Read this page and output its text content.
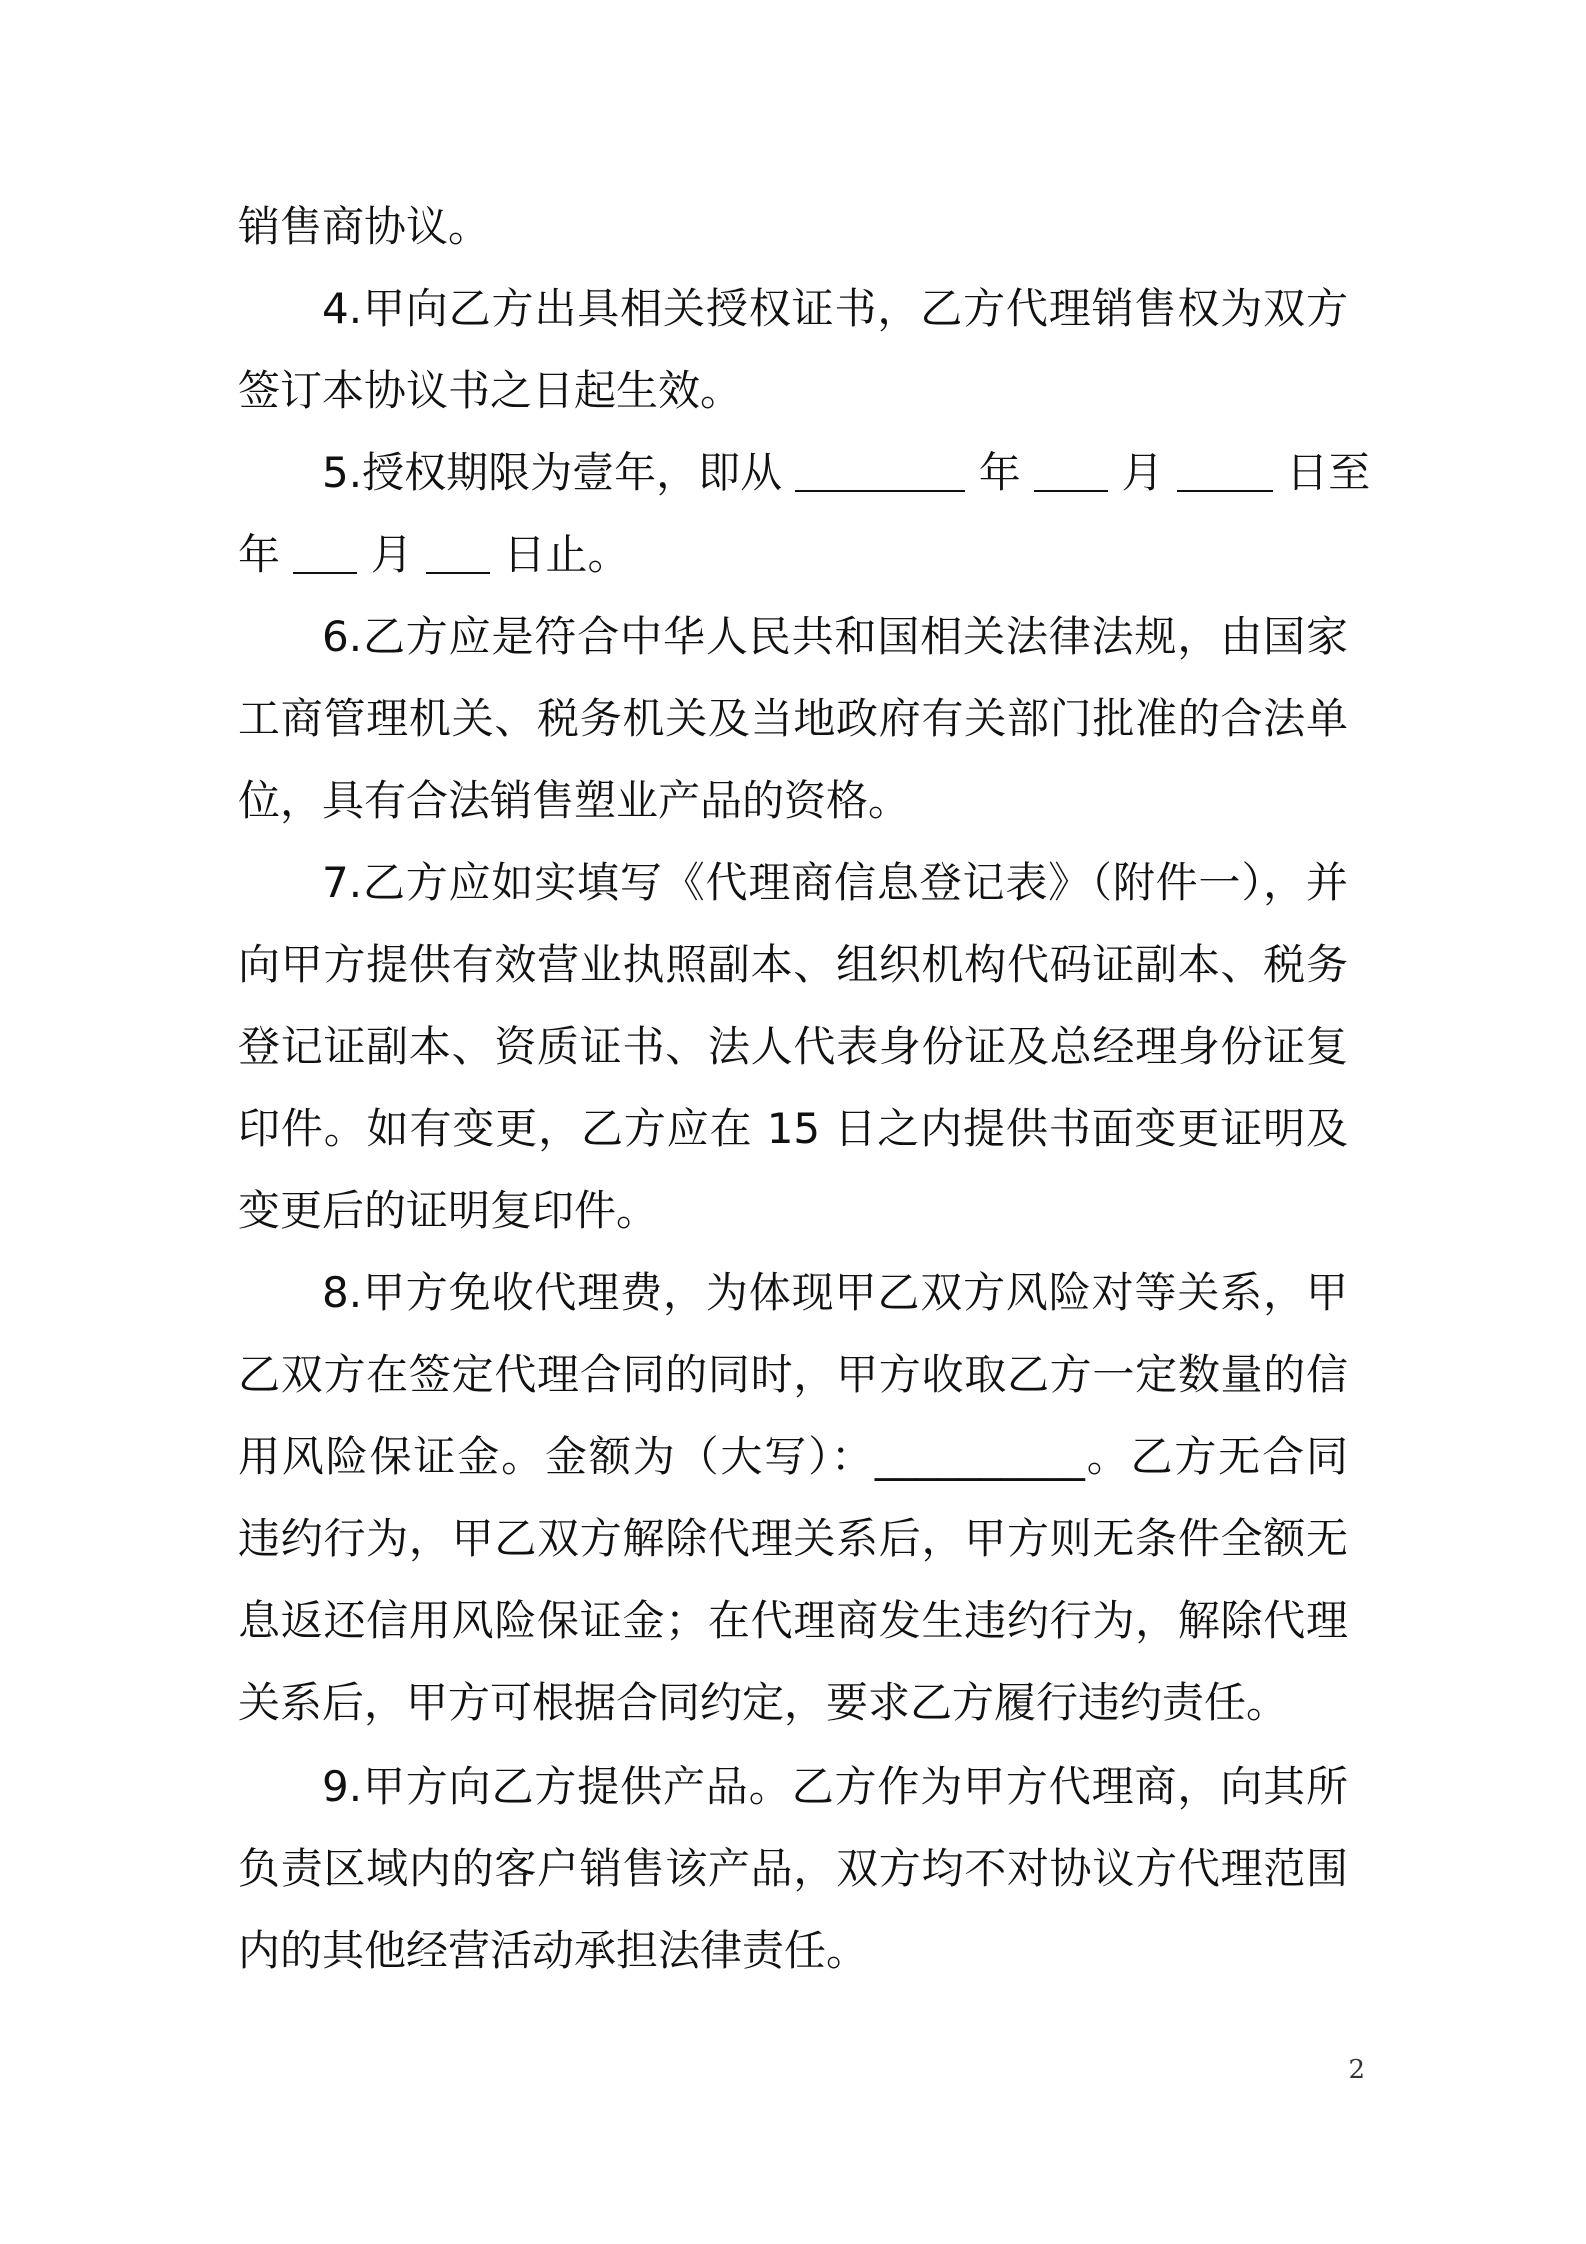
销售商协议。
4.甲向乙方出具相关授权证书，乙方代理销售权为双方
签订本协议书之日起生效。
5.授权期限为壹年，即从	年 月	日至
年 月 日止。
6.乙方应是符合中华人民共和国相关法律法规，由国家
工商管理机关、税务机关及当地政府有关部门批准的合法单
位，具有合法销售塑业产品的资格。
7.乙方应如实填写《代理商信息登记表》（附件一），并
向甲方提供有效营业执照副本、组织机构代码证副本、税务
登记证副本、资质证书、法人代表身份证及总经理身份证复
印件。如有变更，乙方应在 15 日之内提供书面变更证明及
变更后的证明复印件。
8.甲方免收代理费，为体现甲乙双方风险对等关系，甲
乙双方在签定代理合同的同时，甲方收取乙方一定数量的信
用风险保证金。金额为（大写）：__________。乙方无合同
违约行为，甲乙双方解除代理关系后，甲方则无条件全额无
息返还信用风险保证金；在代理商发生违约行为，解除代理
关系后，甲方可根据合同约定，要求乙方履行违约责任。
9.甲方向乙方提供产品。乙方作为甲方代理商，向其所
负责区域内的客户销售该产品，双方均不对协议方代理范围
内的其他经营活动承担法律责任。
2
